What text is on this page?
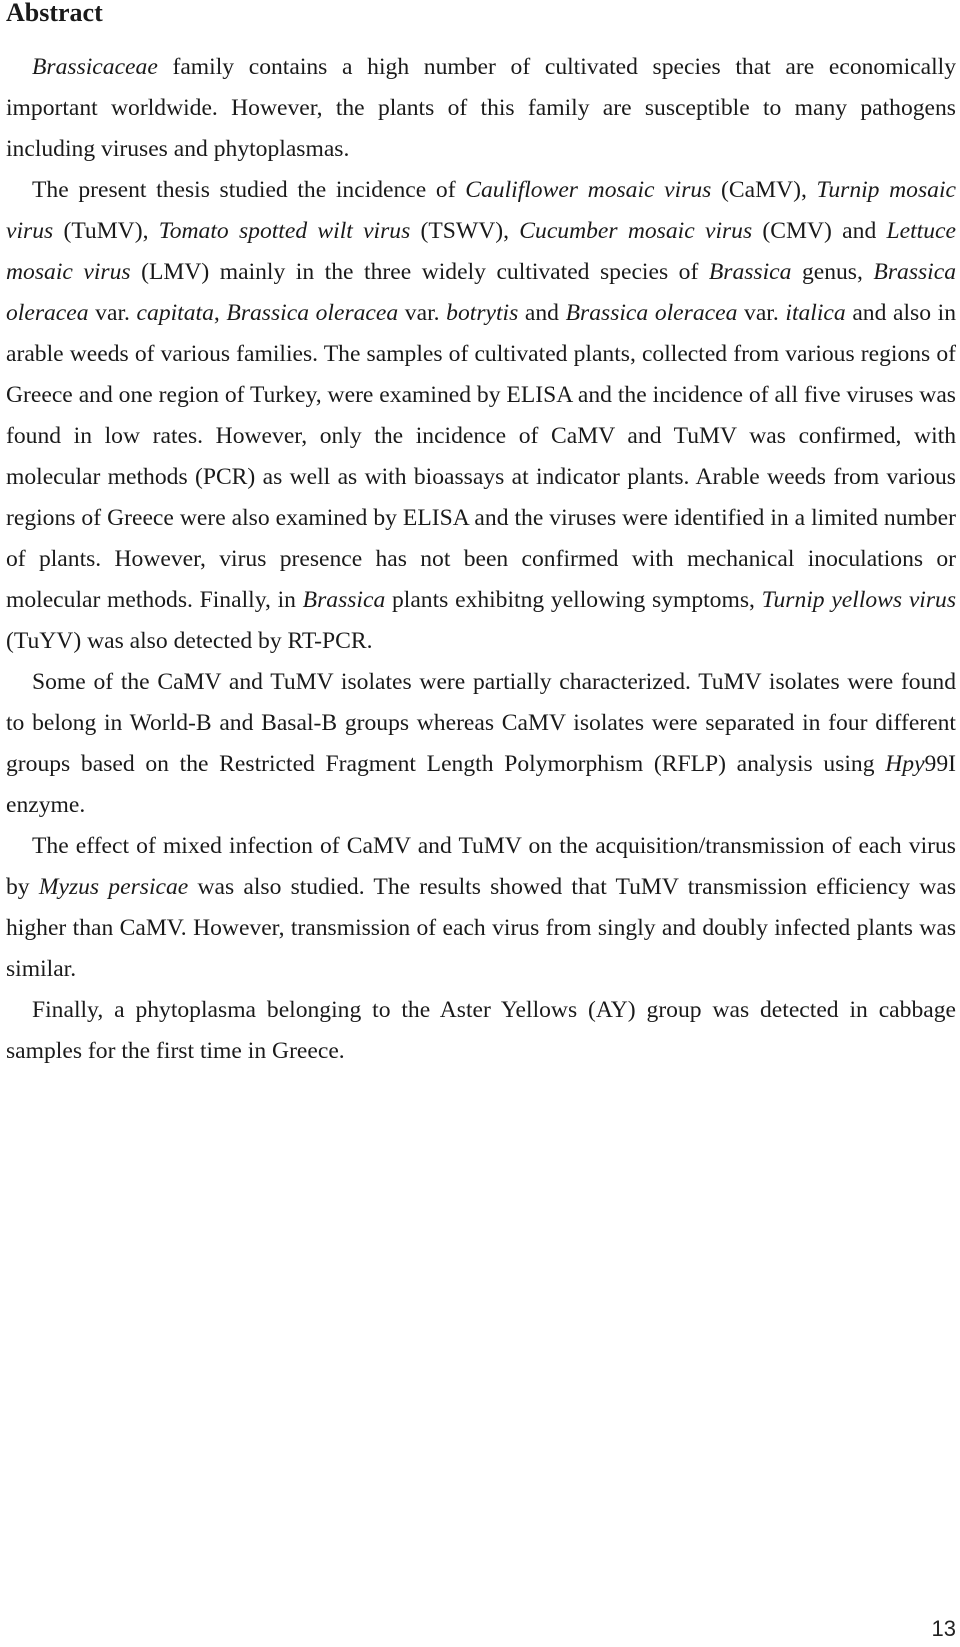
Abstract

Brassicaceae family contains a high number of cultivated species that are economically important worldwide. However, the plants of this family are susceptible to many pathogens including viruses and phytoplasmas.

The present thesis studied the incidence of Cauliflower mosaic virus (CaMV), Turnip mosaic virus (TuMV), Tomato spotted wilt virus (TSWV), Cucumber mosaic virus (CMV) and Lettuce mosaic virus (LMV) mainly in the three widely cultivated species of Brassica genus, Brassica oleracea var. capitata, Brassica oleracea var. botrytis and Brassica oleracea var. italica and also in arable weeds of various families. The samples of cultivated plants, collected from various regions of Greece and one region of Turkey, were examined by ELISA and the incidence of all five viruses was found in low rates. However, only the incidence of CaMV and TuMV was confirmed, with molecular methods (PCR) as well as with bioassays at indicator plants. Arable weeds from various regions of Greece were also examined by ELISA and the viruses were identified in a limited number of plants. However, virus presence has not been confirmed with mechanical inoculations or molecular methods. Finally, in Brassica plants exhibitng yellowing symptoms, Turnip yellows virus (TuYV) was also detected by RT-PCR.

Some of the CaMV and TuMV isolates were partially characterized. TuMV isolates were found to belong in World-B and Basal-B groups whereas CaMV isolates were separated in four different groups based on the Restricted Fragment Length Polymorphism (RFLP) analysis using Hpy99I enzyme.

The effect of mixed infection of CaMV and TuMV on the acquisition/transmission of each virus by Myzus persicae was also studied. The results showed that TuMV transmission efficiency was higher than CaMV. However, transmission of each virus from singly and doubly infected plants was similar.

Finally, a phytoplasma belonging to the Aster Yellows (AY) group was detected in cabbage samples for the first time in Greece.

13
